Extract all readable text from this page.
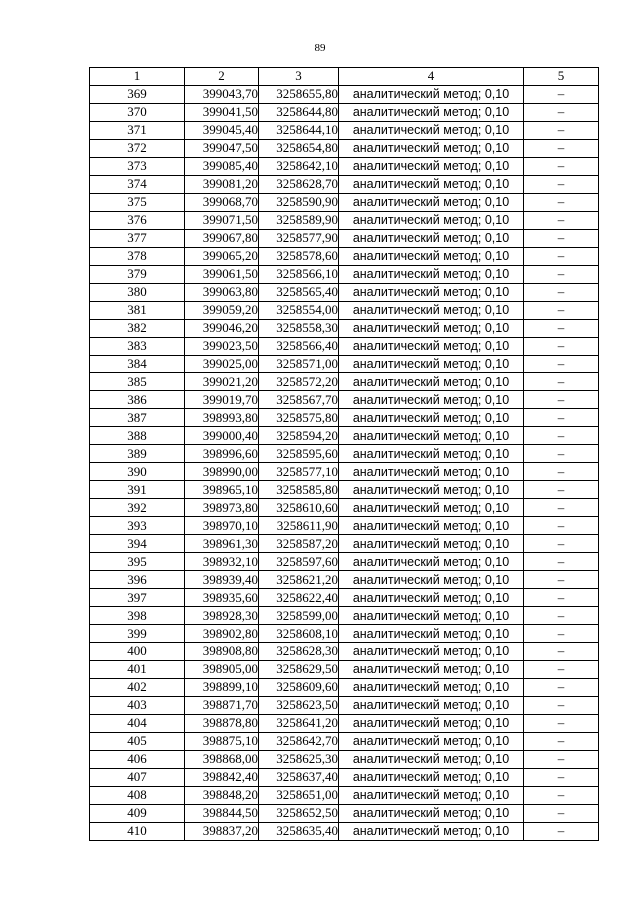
89
1	2	3	4	5
369	399043,70	3258655,80	аналитический метод; 0,10	–
370	399041,50	3258644,80	аналитический метод; 0,10	–
371	399045,40	3258644,10	аналитический метод; 0,10	–
372	399047,50	3258654,80	аналитический метод; 0,10	–
373	399085,40	3258642,10	аналитический метод; 0,10	–
374	399081,20	3258628,70	аналитический метод; 0,10	–
375	399068,70	3258590,90	аналитический метод; 0,10	–
376	399071,50	3258589,90	аналитический метод; 0,10	–
377	399067,80	3258577,90	аналитический метод; 0,10	–
378	399065,20	3258578,60	аналитический метод; 0,10	–
379	399061,50	3258566,10	аналитический метод; 0,10	–
380	399063,80	3258565,40	аналитический метод; 0,10	–
381	399059,20	3258554,00	аналитический метод; 0,10	–
382	399046,20	3258558,30	аналитический метод; 0,10	–
383	399023,50	3258566,40	аналитический метод; 0,10	–
384	399025,00	3258571,00	аналитический метод; 0,10	–
385	399021,20	3258572,20	аналитический метод; 0,10	–
386	399019,70	3258567,70	аналитический метод; 0,10	–
387	398993,80	3258575,80	аналитический метод; 0,10	–
388	399000,40	3258594,20	аналитический метод; 0,10	–
389	398996,60	3258595,60	аналитический метод; 0,10	–
390	398990,00	3258577,10	аналитический метод; 0,10	–
391	398965,10	3258585,80	аналитический метод; 0,10	–
392	398973,80	3258610,60	аналитический метод; 0,10	–
393	398970,10	3258611,90	аналитический метод; 0,10	–
394	398961,30	3258587,20	аналитический метод; 0,10	–
395	398932,10	3258597,60	аналитический метод; 0,10	–
396	398939,40	3258621,20	аналитический метод; 0,10	–
397	398935,60	3258622,40	аналитический метод; 0,10	–
398	398928,30	3258599,00	аналитический метод; 0,10	–
399	398902,80	3258608,10	аналитический метод; 0,10	–
400	398908,80	3258628,30	аналитический метод; 0,10	–
401	398905,00	3258629,50	аналитический метод; 0,10	–
402	398899,10	3258609,60	аналитический метод; 0,10	–
403	398871,70	3258623,50	аналитический метод; 0,10	–
404	398878,80	3258641,20	аналитический метод; 0,10	–
405	398875,10	3258642,70	аналитический метод; 0,10	–
406	398868,00	3258625,30	аналитический метод; 0,10	–
407	398842,40	3258637,40	аналитический метод; 0,10	–
408	398848,20	3258651,00	аналитический метод; 0,10	–
409	398844,50	3258652,50	аналитический метод; 0,10	–
410	398837,20	3258635,40	аналитический метод; 0,10	–
